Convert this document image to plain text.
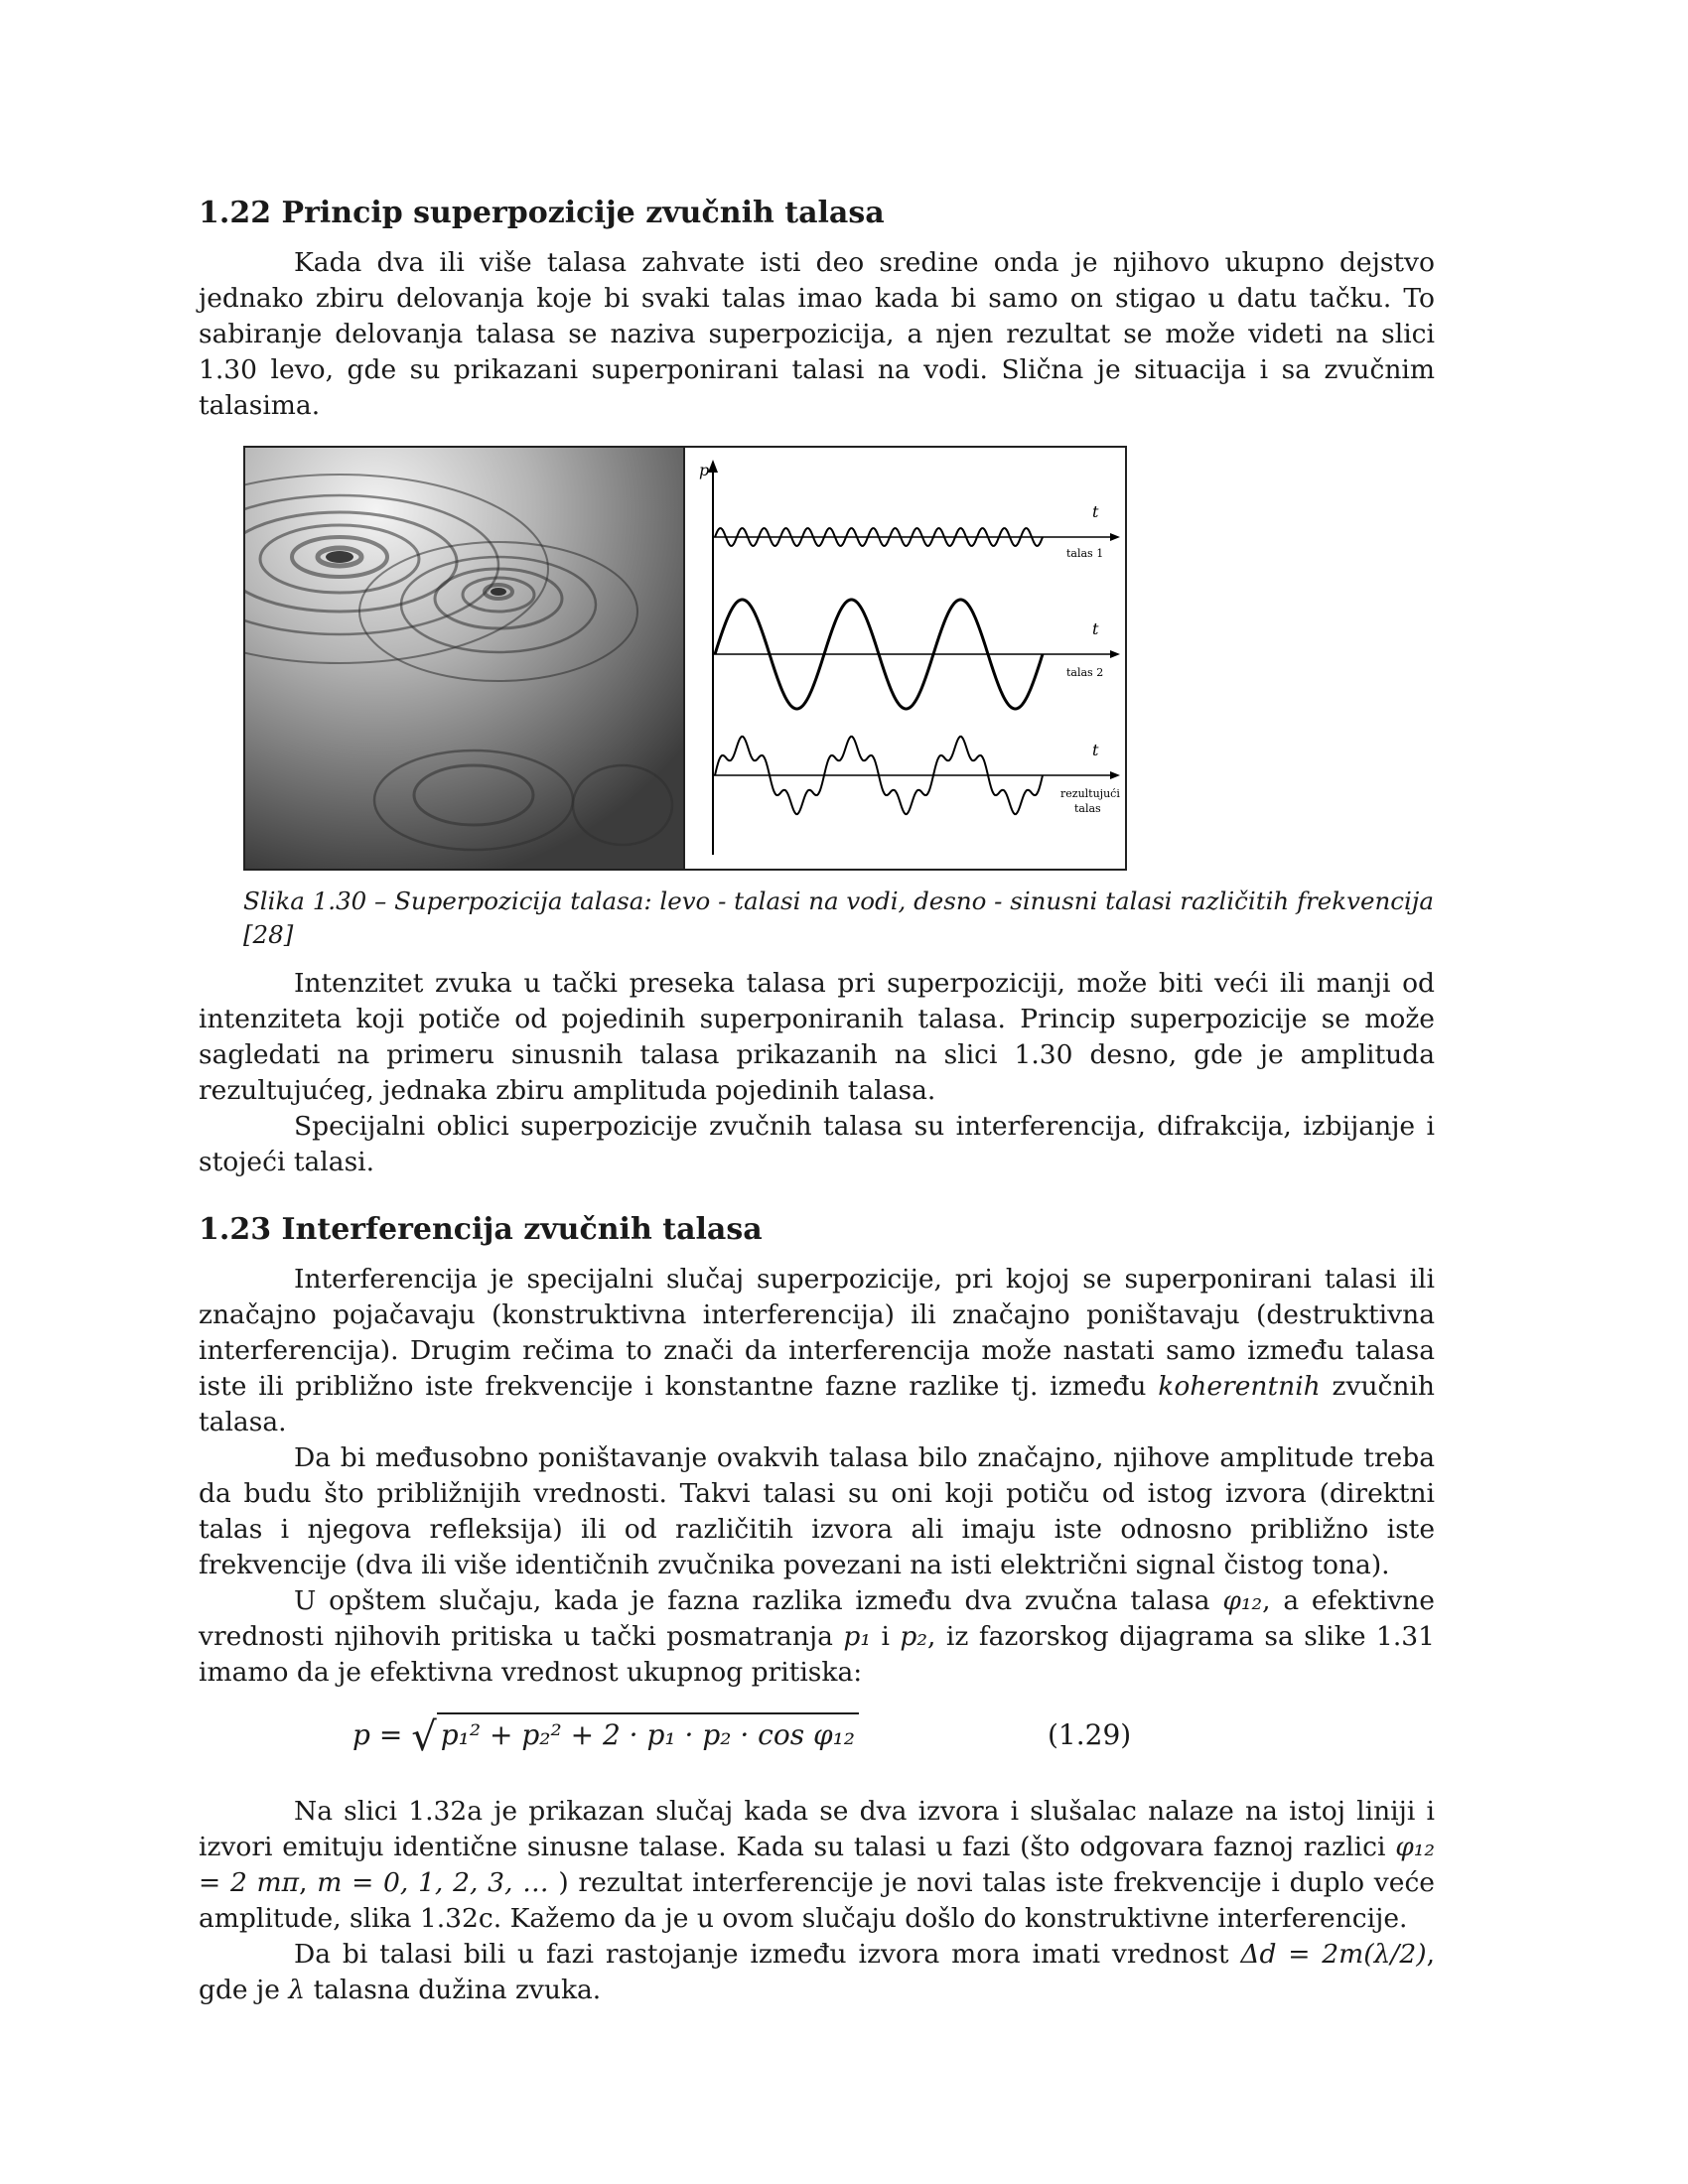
1.22 Princip superpozicije zvučnih talasa

Kada dva ili više talasa zahvate isti deo sredine onda je njihovo ukupno dejstvo jednako zbiru delovanja koje bi svaki talas imao kada bi samo on stigao u datu tačku. To sabiranje delovanja talasa se naziva superpozicija, a njen rezultat se može videti na slici 1.30 levo, gde su prikazani superponirani talasi na vodi. Slična je situacija i sa zvučnim talasima.

p
t
talas 1
t
talas 2
t
rezultujući
talas
Slika 1.30 – Superpozicija talasa: levo - talasi na vodi, desno - sinusni talasi različitih frekvencija [28]

Intenzitet zvuka u tački preseka talasa pri superpoziciji, može biti veći ili manji od intenziteta koji potiče od pojedinih superponiranih talasa. Princip superpozicije se može sagledati na primeru sinusnih talasa prikazanih na slici 1.30 desno, gde je amplituda rezultujućeg, jednaka zbiru amplituda pojedinih talasa.

Specijalni oblici superpozicije zvučnih talasa su interferencija, difrakcija, izbijanje i stojeći talasi.

1.23 Interferencija zvučnih talasa

Interferencija je specijalni slučaj superpozicije, pri kojoj se superponirani talasi ili značajno pojačavaju (konstruktivna interferencija) ili značajno poništavaju (destruktivna interferencija). Drugim rečima to znači da interferencija može nastati samo između talasa iste ili približno iste frekvencije i konstantne fazne razlike tj. između koherentnih zvučnih talasa.

Da bi međusobno poništavanje ovakvih talasa bilo značajno, njihove amplitude treba da budu što približnijih vrednosti. Takvi talasi su oni koji potiču od istog izvora (direktni talas i njegova refleksija) ili od različitih izvora ali imaju iste odnosno približno iste frekvencije (dva ili više identičnih zvučnika povezani na isti električni signal čistog tona).

U opštem slučaju, kada je fazna razlika između dva zvučna talasa φ₁₂, a efektivne vrednosti njihovih pritiska u tački posmatranja p₁ i p₂, iz fazorskog dijagrama sa slike 1.31 imamo da je efektivna vrednost ukupnog pritiska:

p = √ p₁² + p₂² + 2 · p₁ · p₂ · cos φ₁₂	(1.29)

Na slici 1.32a je prikazan slučaj kada se dva izvora i slušalac nalaze na istoj liniji i izvori emituju identične sinusne talase. Kada su talasi u fazi (što odgovara faznoj razlici φ₁₂ = 2 mπ, m = 0, 1, 2, 3, … ) rezultat interferencije je novi talas iste frekvencije i duplo veće amplitude, slika 1.32c. Kažemo da je u ovom slučaju došlo do konstruktivne interferencije.

Da bi talasi bili u fazi rastojanje između izvora mora imati vrednost Δd = 2m(λ/2), gde je λ talasna dužina zvuka.
